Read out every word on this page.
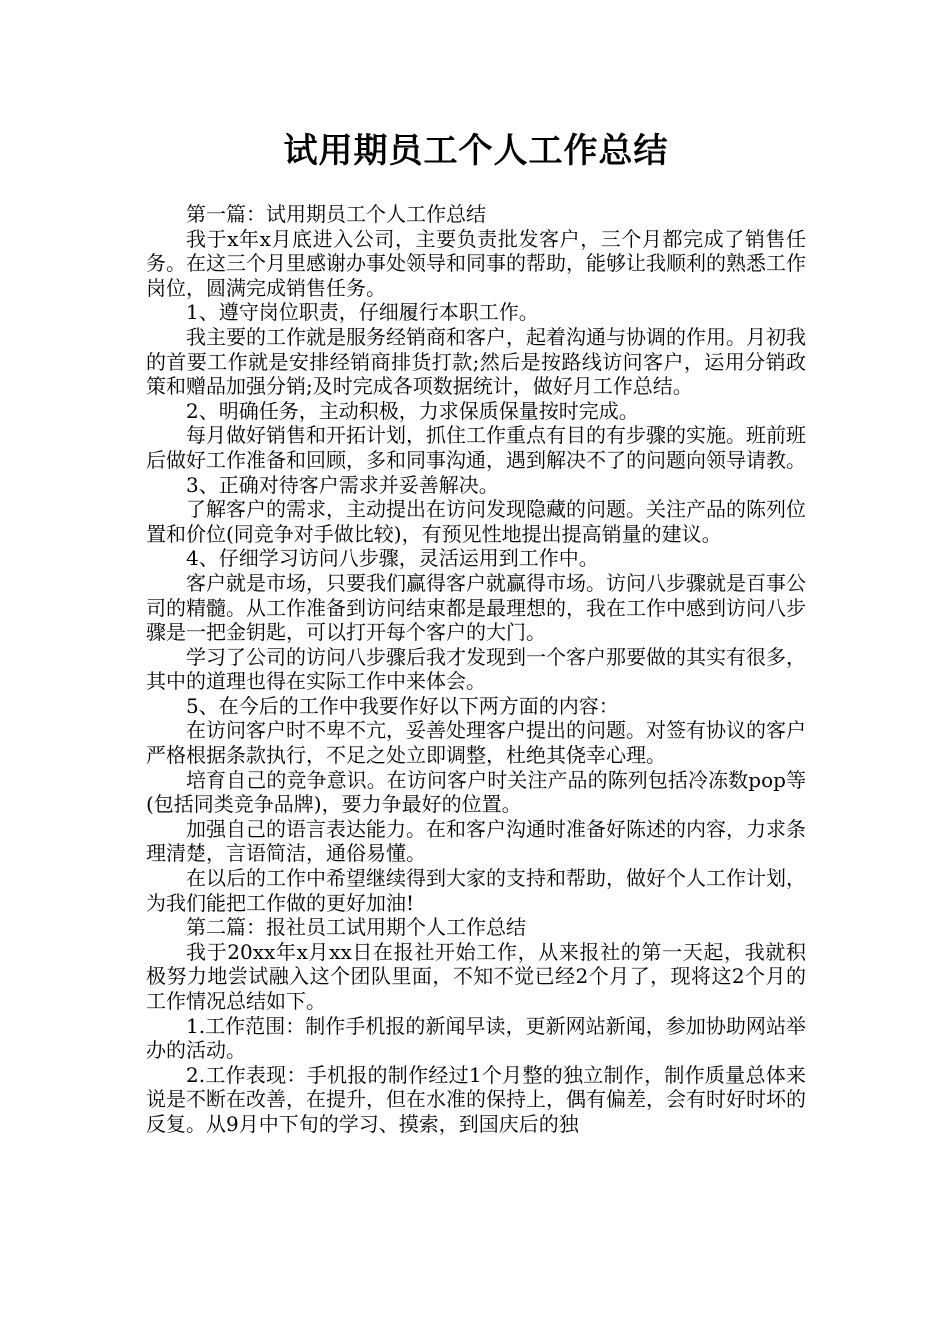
试用期员工个人工作总结

第一篇：试用期员工个人工作总结

我于x年x月底进入公司，主要负责批发客户，三个月都完成了销售任务。在这三个月里感谢办事处领导和同事的帮助，能够让我顺利的熟悉工作岗位，圆满完成销售任务。

1、遵守岗位职责，仔细履行本职工作。

我主要的工作就是服务经销商和客户，起着沟通与协调的作用。月初我的首要工作就是安排经销商排货打款;然后是按路线访问客户，运用分销政策和赠品加强分销;及时完成各项数据统计，做好月工作总结。

2、明确任务，主动积极，力求保质保量按时完成。

每月做好销售和开拓计划，抓住工作重点有目的有步骤的实施。班前班后做好工作准备和回顾，多和同事沟通，遇到解决不了的问题向领导请教。

3、正确对待客户需求并妥善解决。

了解客户的需求，主动提出在访问发现隐藏的问题。关注产品的陈列位置和价位(同竞争对手做比较)，有预见性地提出提高销量的建议。

4、仔细学习访问八步骤，灵活运用到工作中。

客户就是市场，只要我们赢得客户就赢得市场。访问八步骤就是百事公司的精髓。从工作准备到访问结束都是最理想的，我在工作中感到访问八步骤是一把金钥匙，可以打开每个客户的大门。

学习了公司的访问八步骤后我才发现到一个客户那要做的其实有很多，其中的道理也得在实际工作中来体会。

5、在今后的工作中我要作好以下两方面的内容：

在访问客户时不卑不亢，妥善处理客户提出的问题。对签有协议的客户严格根据条款执行，不足之处立即调整，杜绝其侥幸心理。

培育自己的竞争意识。在访问客户时关注产品的陈列包括冷冻数pop等(包括同类竞争品牌)，要力争最好的位置。

加强自己的语言表达能力。在和客户沟通时准备好陈述的内容，力求条理清楚，言语简洁，通俗易懂。

在以后的工作中希望继续得到大家的支持和帮助，做好个人工作计划，为我们能把工作做的更好加油!

第二篇：报社员工试用期个人工作总结

我于20xx年x月xx日在报社开始工作，从来报社的第一天起，我就积极努力地尝试融入这个团队里面，不知不觉已经2个月了，现将这2个月的工作情况总结如下。

1.工作范围：制作手机报的新闻早读，更新网站新闻，参加协助网站举办的活动。

2.工作表现：手机报的制作经过1个月整的独立制作，制作质量总体来说是不断在改善，在提升，但在水准的保持上，偶有偏差，会有时好时坏的反复。从9月中下旬的学习、摸索，到国庆后的独
